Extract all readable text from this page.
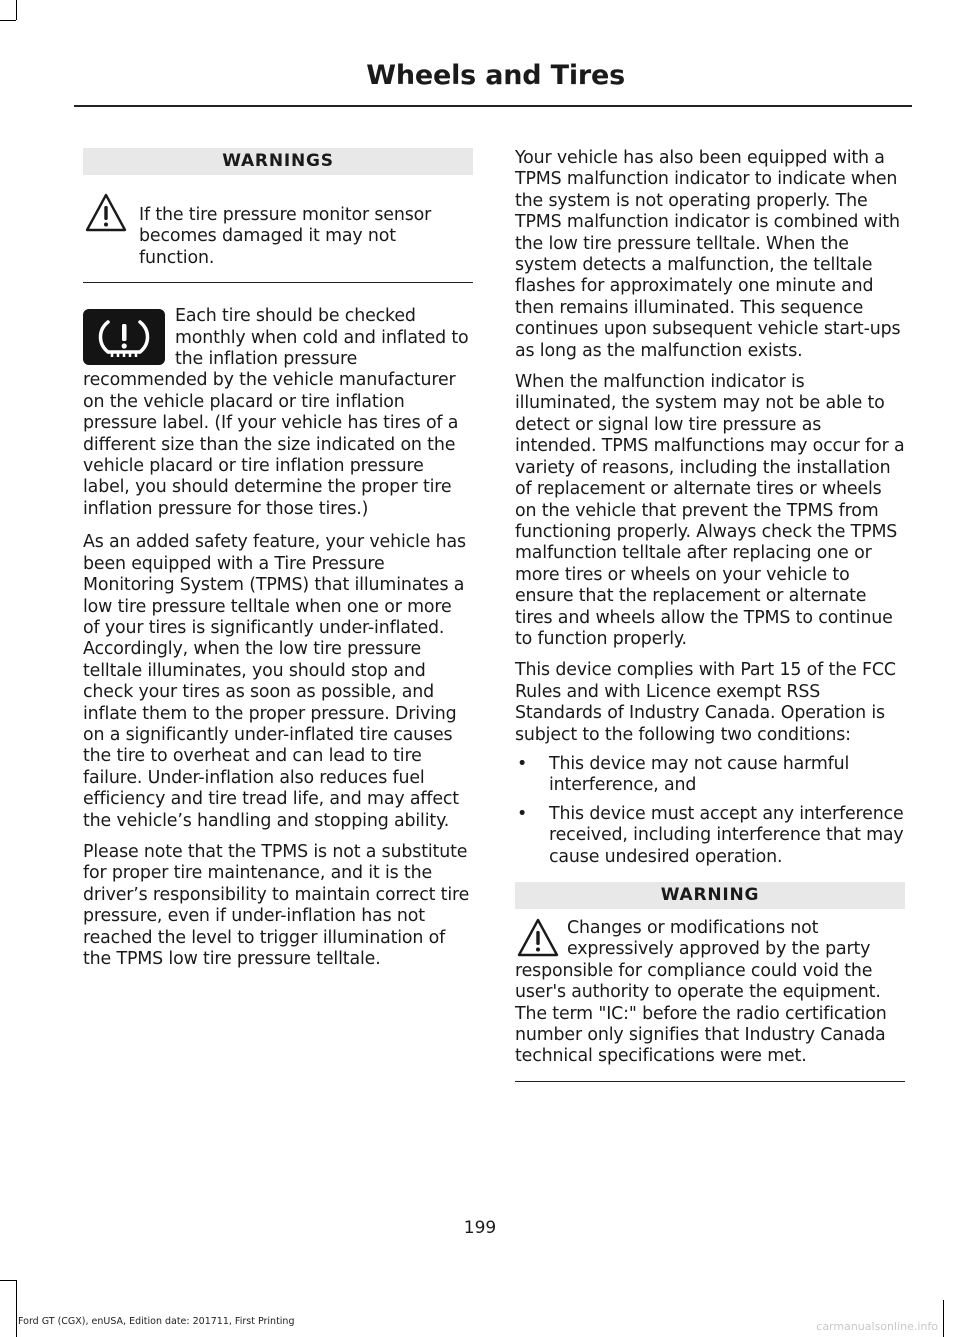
Wheels and Tires
WARNINGS
If the tire pressure monitor sensor becomes damaged it may not function.

Each tire should be checked monthly when cold and inflated to the inflation pressure recommended by the vehicle manufacturer on the vehicle placard or tire inflation pressure label. (If your vehicle has tires of a different size than the size indicated on the vehicle placard or tire inflation pressure label, you should determine the proper tire inflation pressure for those tires.)

As an added safety feature, your vehicle has been equipped with a Tire Pressure Monitoring System (TPMS) that illuminates a low tire pressure telltale when one or more of your tires is significantly under-inflated. Accordingly, when the low tire pressure telltale illuminates, you should stop and check your tires as soon as possible, and inflate them to the proper pressure. Driving on a significantly under-inflated tire causes the tire to overheat and can lead to tire failure. Under-inflation also reduces fuel efficiency and tire tread life, and may affect the vehicle’s handling and stopping ability.

Please note that the TPMS is not a substitute for proper tire maintenance, and it is the driver’s responsibility to maintain correct tire pressure, even if under-inflation has not reached the level to trigger illumination of the TPMS low tire pressure telltale.

Your vehicle has also been equipped with a TPMS malfunction indicator to indicate when the system is not operating properly. The TPMS malfunction indicator is combined with the low tire pressure telltale. When the system detects a malfunction, the telltale flashes for approximately one minute and then remains illuminated. This sequence continues upon subsequent vehicle start-ups as long as the malfunction exists.

When the malfunction indicator is illuminated, the system may not be able to detect or signal low tire pressure as intended. TPMS malfunctions may occur for a variety of reasons, including the installation of replacement or alternate tires or wheels on the vehicle that prevent the TPMS from functioning properly. Always check the TPMS malfunction telltale after replacing one or more tires or wheels on your vehicle to ensure that the replacement or alternate tires and wheels allow the TPMS to continue to function properly.

This device complies with Part 15 of the FCC Rules and with Licence exempt RSS Standards of Industry Canada. Operation is subject to the following two conditions:

• This device may not cause harmful interference, and
• This device must accept any interference received, including interference that may cause undesired operation.
WARNING

Changes or modifications not expressively approved by the party responsible for compliance could void the user's authority to operate the equipment. The term "IC:" before the radio certification number only signifies that Industry Canada technical specifications were met.

199
Ford GT (CGX), enUSA, Edition date: 201711, First Printing	carmanualsonline.info
